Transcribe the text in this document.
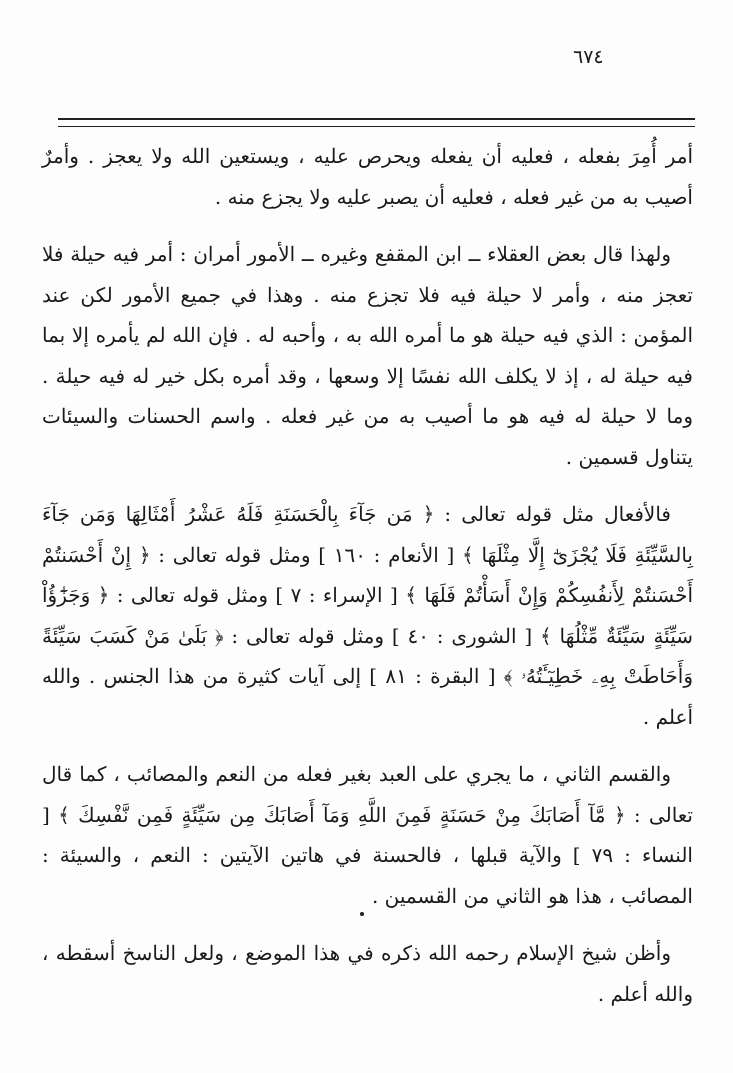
٦٧٤

أمر أُمِرَ بفعله ، فعليه أن يفعله ويحرص عليه ، ويستعين الله ولا يعجز . وأمرٌ أصيب به من غير فعله ، فعليه أن يصبر عليه ولا يجزع منه .

ولهذا قال بعض العقلاء ــ ابن المقفع وغيره ــ الأمور أمران : أمر فيه حيلة فلا تعجز منه ، وأمر لا حيلة فيه فلا تجزع منه . وهذا في جميع الأمور لكن عند المؤمن : الذي فيه حيلة هو ما أمره الله به ، وأحبه له . فإن الله لم يأمره إلا بما فيه حيلة له ، إذ لا يكلف الله نفسًا إلا وسعها ، وقد أمره بكل خير له فيه حيلة . وما لا حيلة له فيه هو ما أصيب به من غير فعله . واسم الحسنات والسيئات يتناول قسمين .

فالأفعال مثل قوله تعالى : ﴿ مَن جَآءَ بِالْحَسَنَةِ فَلَهُ عَشْرُ أَمْثَالِهَا وَمَن جَآءَ بِالسَّيِّئَةِ فَلَا يُجْزَىٰٓ إِلَّا مِثْلَهَا ﴾ [ الأنعام : ١٦٠ ] ومثل قوله تعالى : ﴿ إِنْ أَحْسَنتُمْ أَحْسَنتُمْ لِأَنفُسِكُمْ وَإِنْ أَسَأْتُمْ فَلَهَا ﴾ [ الإسراء : ٧ ] ومثل قوله تعالى : ﴿ وَجَزَٰٓؤُاْ سَيِّئَةٍ سَيِّئَةٌ مِّثْلُهَا ﴾ [ الشورى : ٤٠ ] ومثل قوله تعالى : ﴿ بَلَىٰ مَنْ كَسَبَ سَيِّئَةً وَأَحَاطَتْ بِهِۦ خَطِيٓـَٔتُهُۥ ﴾ [ البقرة : ٨١ ] إلى آيات كثيرة من هذا الجنس . والله أعلم .

والقسم الثاني ، ما يجري على العبد بغير فعله من النعم والمصائب ، كما قال تعالى : ﴿ مَّآ أَصَابَكَ مِنْ حَسَنَةٍ فَمِنَ اللَّهِ وَمَآ أَصَابَكَ مِن سَيِّئَةٍ فَمِن نَّفْسِكَ ﴾ [ النساء : ٧٩ ] والآية قبلها ، فالحسنة في هاتين الآيتين : النعم ، والسيئة : المصائب ، هذا هو الثاني من القسمين .

وأظن شيخ الإسلام رحمه الله ذكره في هذا الموضع ، ولعل الناسخ أسقطه ، والله أعلم .
